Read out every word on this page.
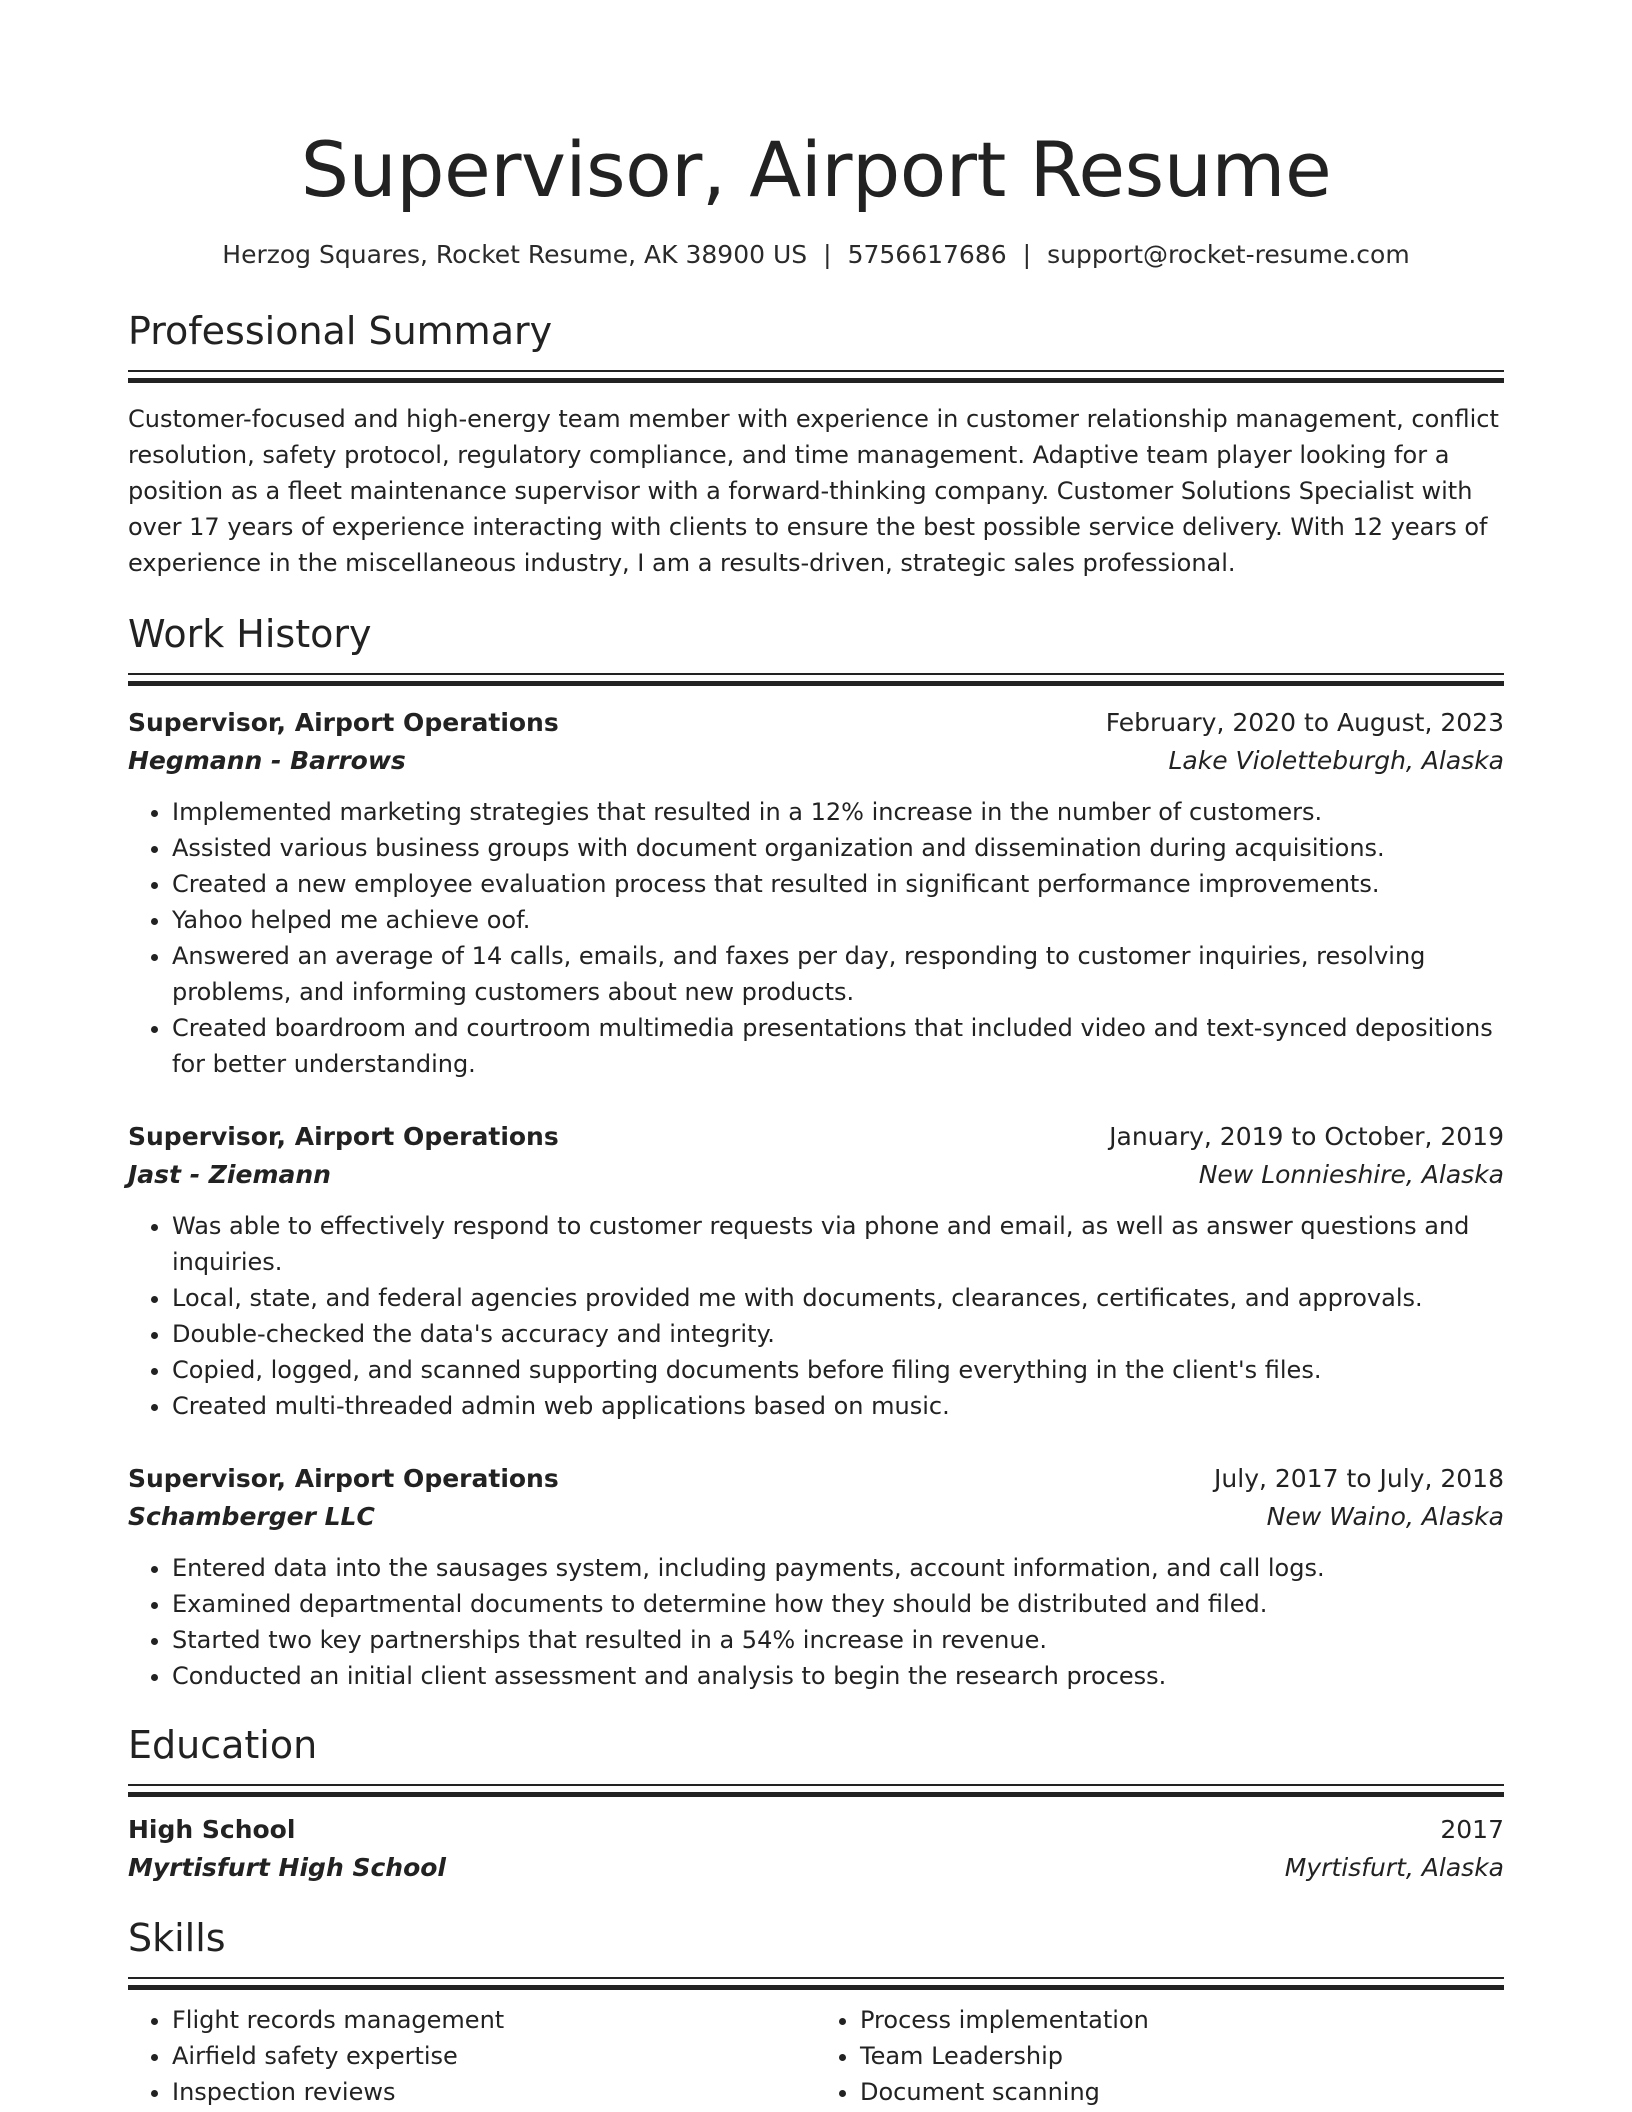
Supervisor, Airport Resume
Herzog Squares, Rocket Resume, AK 38900 US | 5756617686 | support@rocket-resume.com
Professional Summary
Customer-focused and high-energy team member with experience in customer relationship management, conflict resolution, safety protocol, regulatory compliance, and time management. Adaptive team player looking for a position as a fleet maintenance supervisor with a forward-thinking company. Customer Solutions Specialist with over 17 years of experience interacting with clients to ensure the best possible service delivery. With 12 years of experience in the miscellaneous industry, I am a results-driven, strategic sales professional.
Work History
Supervisor, Airport Operations	February, 2020 to August, 2023
Hegmann - Barrows	Lake Violetteburgh, Alaska
• Implemented marketing strategies that resulted in a 12% increase in the number of customers.
• Assisted various business groups with document organization and dissemination during acquisitions.
• Created a new employee evaluation process that resulted in significant performance improvements.
• Yahoo helped me achieve oof.
• Answered an average of 14 calls, emails, and faxes per day, responding to customer inquiries, resolving problems, and informing customers about new products.
• Created boardroom and courtroom multimedia presentations that included video and text-synced depositions for better understanding.
Supervisor, Airport Operations	January, 2019 to October, 2019
Jast - Ziemann	New Lonnieshire, Alaska
• Was able to effectively respond to customer requests via phone and email, as well as answer questions and inquiries.
• Local, state, and federal agencies provided me with documents, clearances, certificates, and approvals.
• Double-checked the data's accuracy and integrity.
• Copied, logged, and scanned supporting documents before filing everything in the client's files.
• Created multi-threaded admin web applications based on music.
Supervisor, Airport Operations	July, 2017 to July, 2018
Schamberger LLC	New Waino, Alaska
• Entered data into the sausages system, including payments, account information, and call logs.
• Examined departmental documents to determine how they should be distributed and filed.
• Started two key partnerships that resulted in a 54% increase in revenue.
• Conducted an initial client assessment and analysis to begin the research process.
Education
High School	2017
Myrtisfurt High School	Myrtisfurt, Alaska
Skills
• Flight records management
• Airfield safety expertise
• Inspection reviews
• Process implementation
• Team Leadership
• Document scanning
